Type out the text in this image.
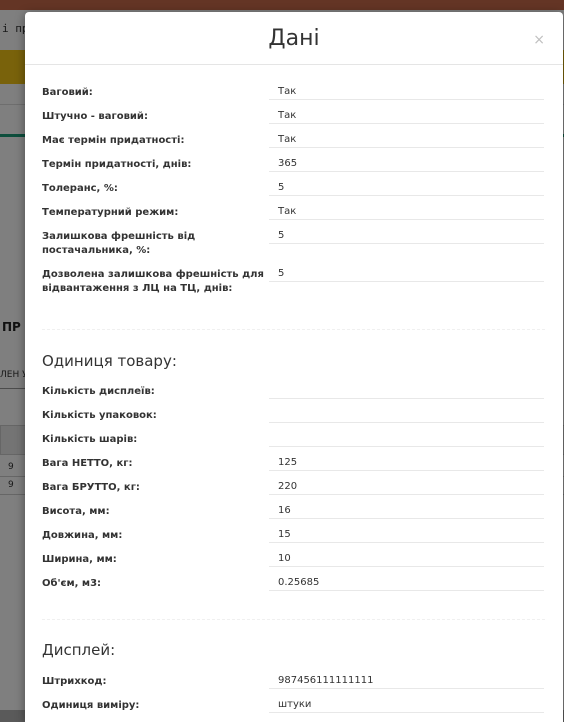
Дані	×
Ваговий:	Так
Штучно - ваговий:	Так
Має термін придатності:	Так
Термін придатності, днів:	365
Толеранс, %:	5
Температурний режим:	Так
Залишкова фрешність від постачальника, %:
5
Дозволена залишкова фрешність для відвантаження з ЛЦ на ТЦ, днів:
5
Одиниця товару:
Кількість дисплеїв:
Кількість упаковок:
Кількість шарів:
Вага НЕТТО, кг:	125
Вага БРУТТО, кг:	220
Висота, мм:	16
Довжина, мм:	15
Ширина, мм:	10
Об'єм, м3:	0.25685
Дисплей:
Штрихкод:	987456111111111
Одиниця виміру:	штуки
